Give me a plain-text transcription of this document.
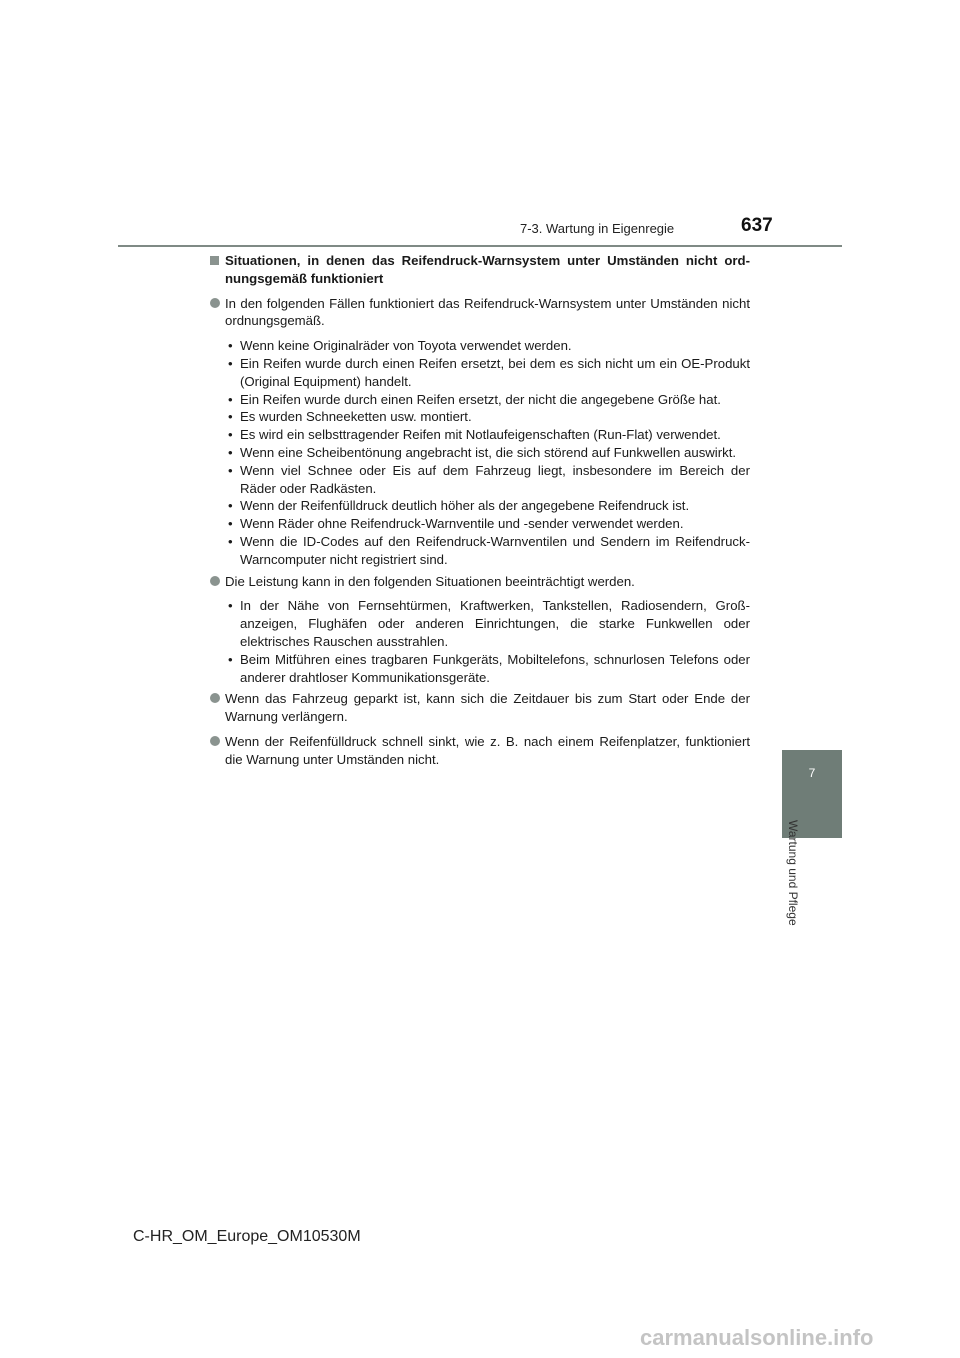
7-3. Wartung in Eigenregie	637
7
Wartung und Pflege
Situationen, in denen das Reifendruck-Warnsystem unter Umständen nicht ordnungsgemäß funktioniert
In den folgenden Fällen funktioniert das Reifendruck-Warnsystem unter Umständen nicht ordnungsgemäß.
• Wenn keine Originalräder von Toyota verwendet werden.
• Ein Reifen wurde durch einen Reifen ersetzt, bei dem es sich nicht um ein OE-Produkt (Original Equipment) handelt.
• Ein Reifen wurde durch einen Reifen ersetzt, der nicht die angegebene Größe hat.
• Es wurden Schneeketten usw. montiert.
• Es wird ein selbsttragender Reifen mit Notlaufeigenschaften (Run-Flat) verwendet.
• Wenn eine Scheibentönung angebracht ist, die sich störend auf Funkwellen auswirkt.
• Wenn viel Schnee oder Eis auf dem Fahrzeug liegt, insbesondere im Bereich der Räder oder Radkästen.
• Wenn der Reifenfülldruck deutlich höher als der angegebene Reifendruck ist.
• Wenn Räder ohne Reifendruck-Warnventile und -sender verwendet werden.
• Wenn die ID-Codes auf den Reifendruck-Warnventilen und Sendern im Reifendruck-Warncomputer nicht registriert sind.
Die Leistung kann in den folgenden Situationen beeinträchtigt werden.
• In der Nähe von Fernsehtürmen, Kraftwerken, Tankstellen, Radiosendern, Großanzeigen, Flughäfen oder anderen Einrichtungen, die starke Funkwellen oder elektrisches Rauschen ausstrahlen.
• Beim Mitführen eines tragbaren Funkgeräts, Mobiltelefons, schnurlosen Telefons oder anderer drahtloser Kommunikationsgeräte.
Wenn das Fahrzeug geparkt ist, kann sich die Zeitdauer bis zum Start oder Ende der Warnung verlängern.
Wenn der Reifenfülldruck schnell sinkt, wie z. B. nach einem Reifenplatzer, funktioniert die Warnung unter Umständen nicht.
C-HR_OM_Europe_OM10530M
carmanualsonline.info
